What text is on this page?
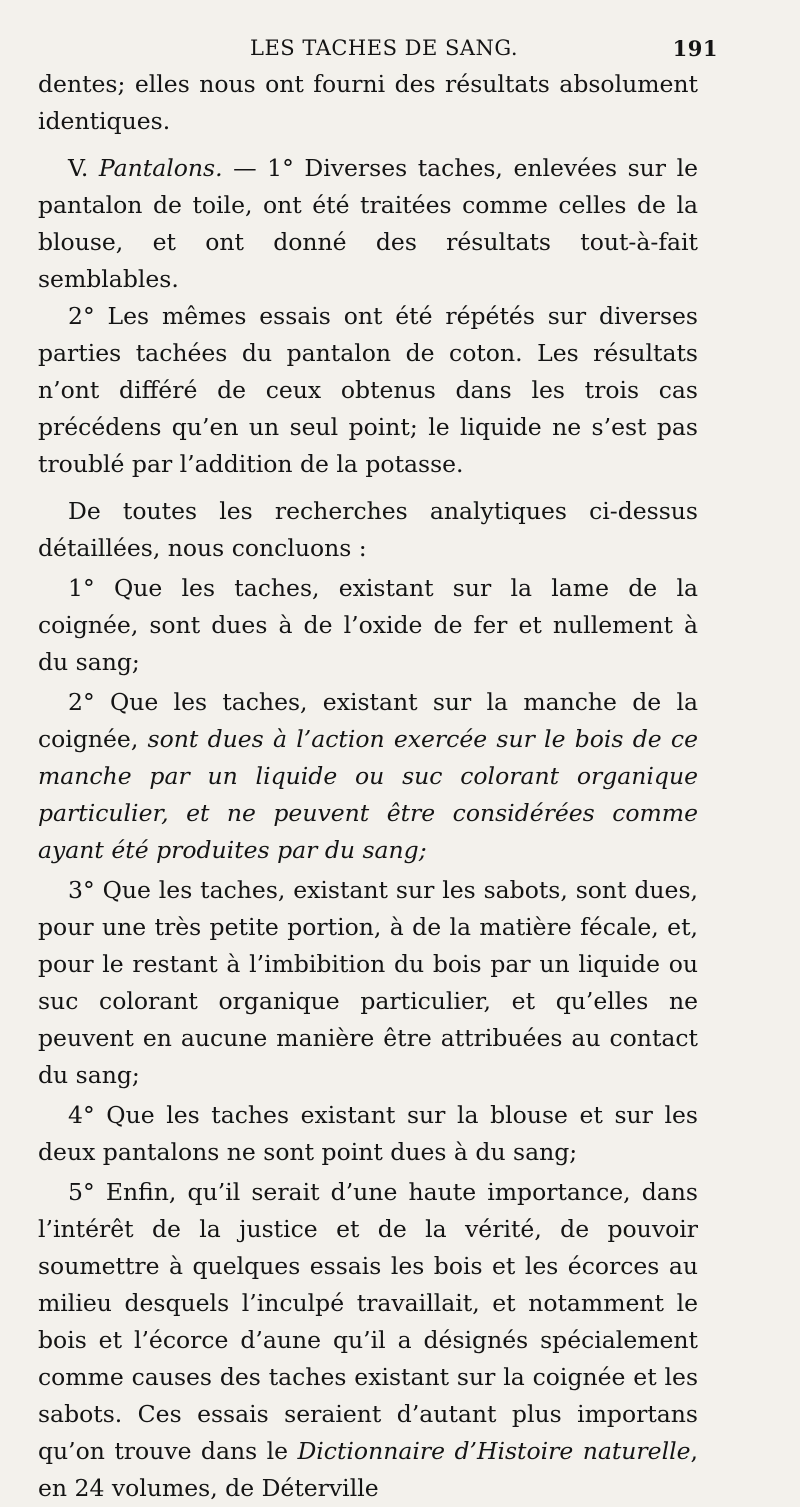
LES TACHES DE SANG.	191

dentes; elles nous ont fourni des résultats absolument identiques.

V. Pantalons. — 1° Diverses taches, enlevées sur le pantalon de toile, ont été traitées comme celles de la blouse, et ont donné des résultats tout-à-fait semblables.

2° Les mêmes essais ont été répétés sur diverses parties tachées du pantalon de coton. Les résultats n’ont différé de ceux obtenus dans les trois cas précédens qu’en un seul point; le liquide ne s’est pas troublé par l’addition de la potasse.

De toutes les recherches analytiques ci-dessus détaillées, nous concluons :

1° Que les taches, existant sur la lame de la coignée, sont dues à de l’oxide de fer et nullement à du sang;

2° Que les taches, existant sur la manche de la coignée, sont dues à l’action exercée sur le bois de ce manche par un liquide ou suc colorant organique particulier, et ne peuvent être considérées comme ayant été produites par du sang;

3° Que les taches, existant sur les sabots, sont dues, pour une très petite portion, à de la matière fécale, et, pour le restant à l’imbibition du bois par un liquide ou suc colorant organique particulier, et qu’elles ne peuvent en aucune manière être attribuées au contact du sang;

4° Que les taches existant sur la blouse et sur les deux pantalons ne sont point dues à du sang;

5° Enfin, qu’il serait d’une haute importance, dans l’intérêt de la justice et de la vérité, de pouvoir soumettre à quelques essais les bois et les écorces au milieu desquels l’inculpé travaillait, et notamment le bois et l’écorce d’aune qu’il a désignés spécialement comme causes des taches existant sur la coignée et les sabots. Ces essais seraient d’autant plus importans qu’on trouve dans le Dictionnaire d’Histoire naturelle, en 24 volumes, de Déterville
